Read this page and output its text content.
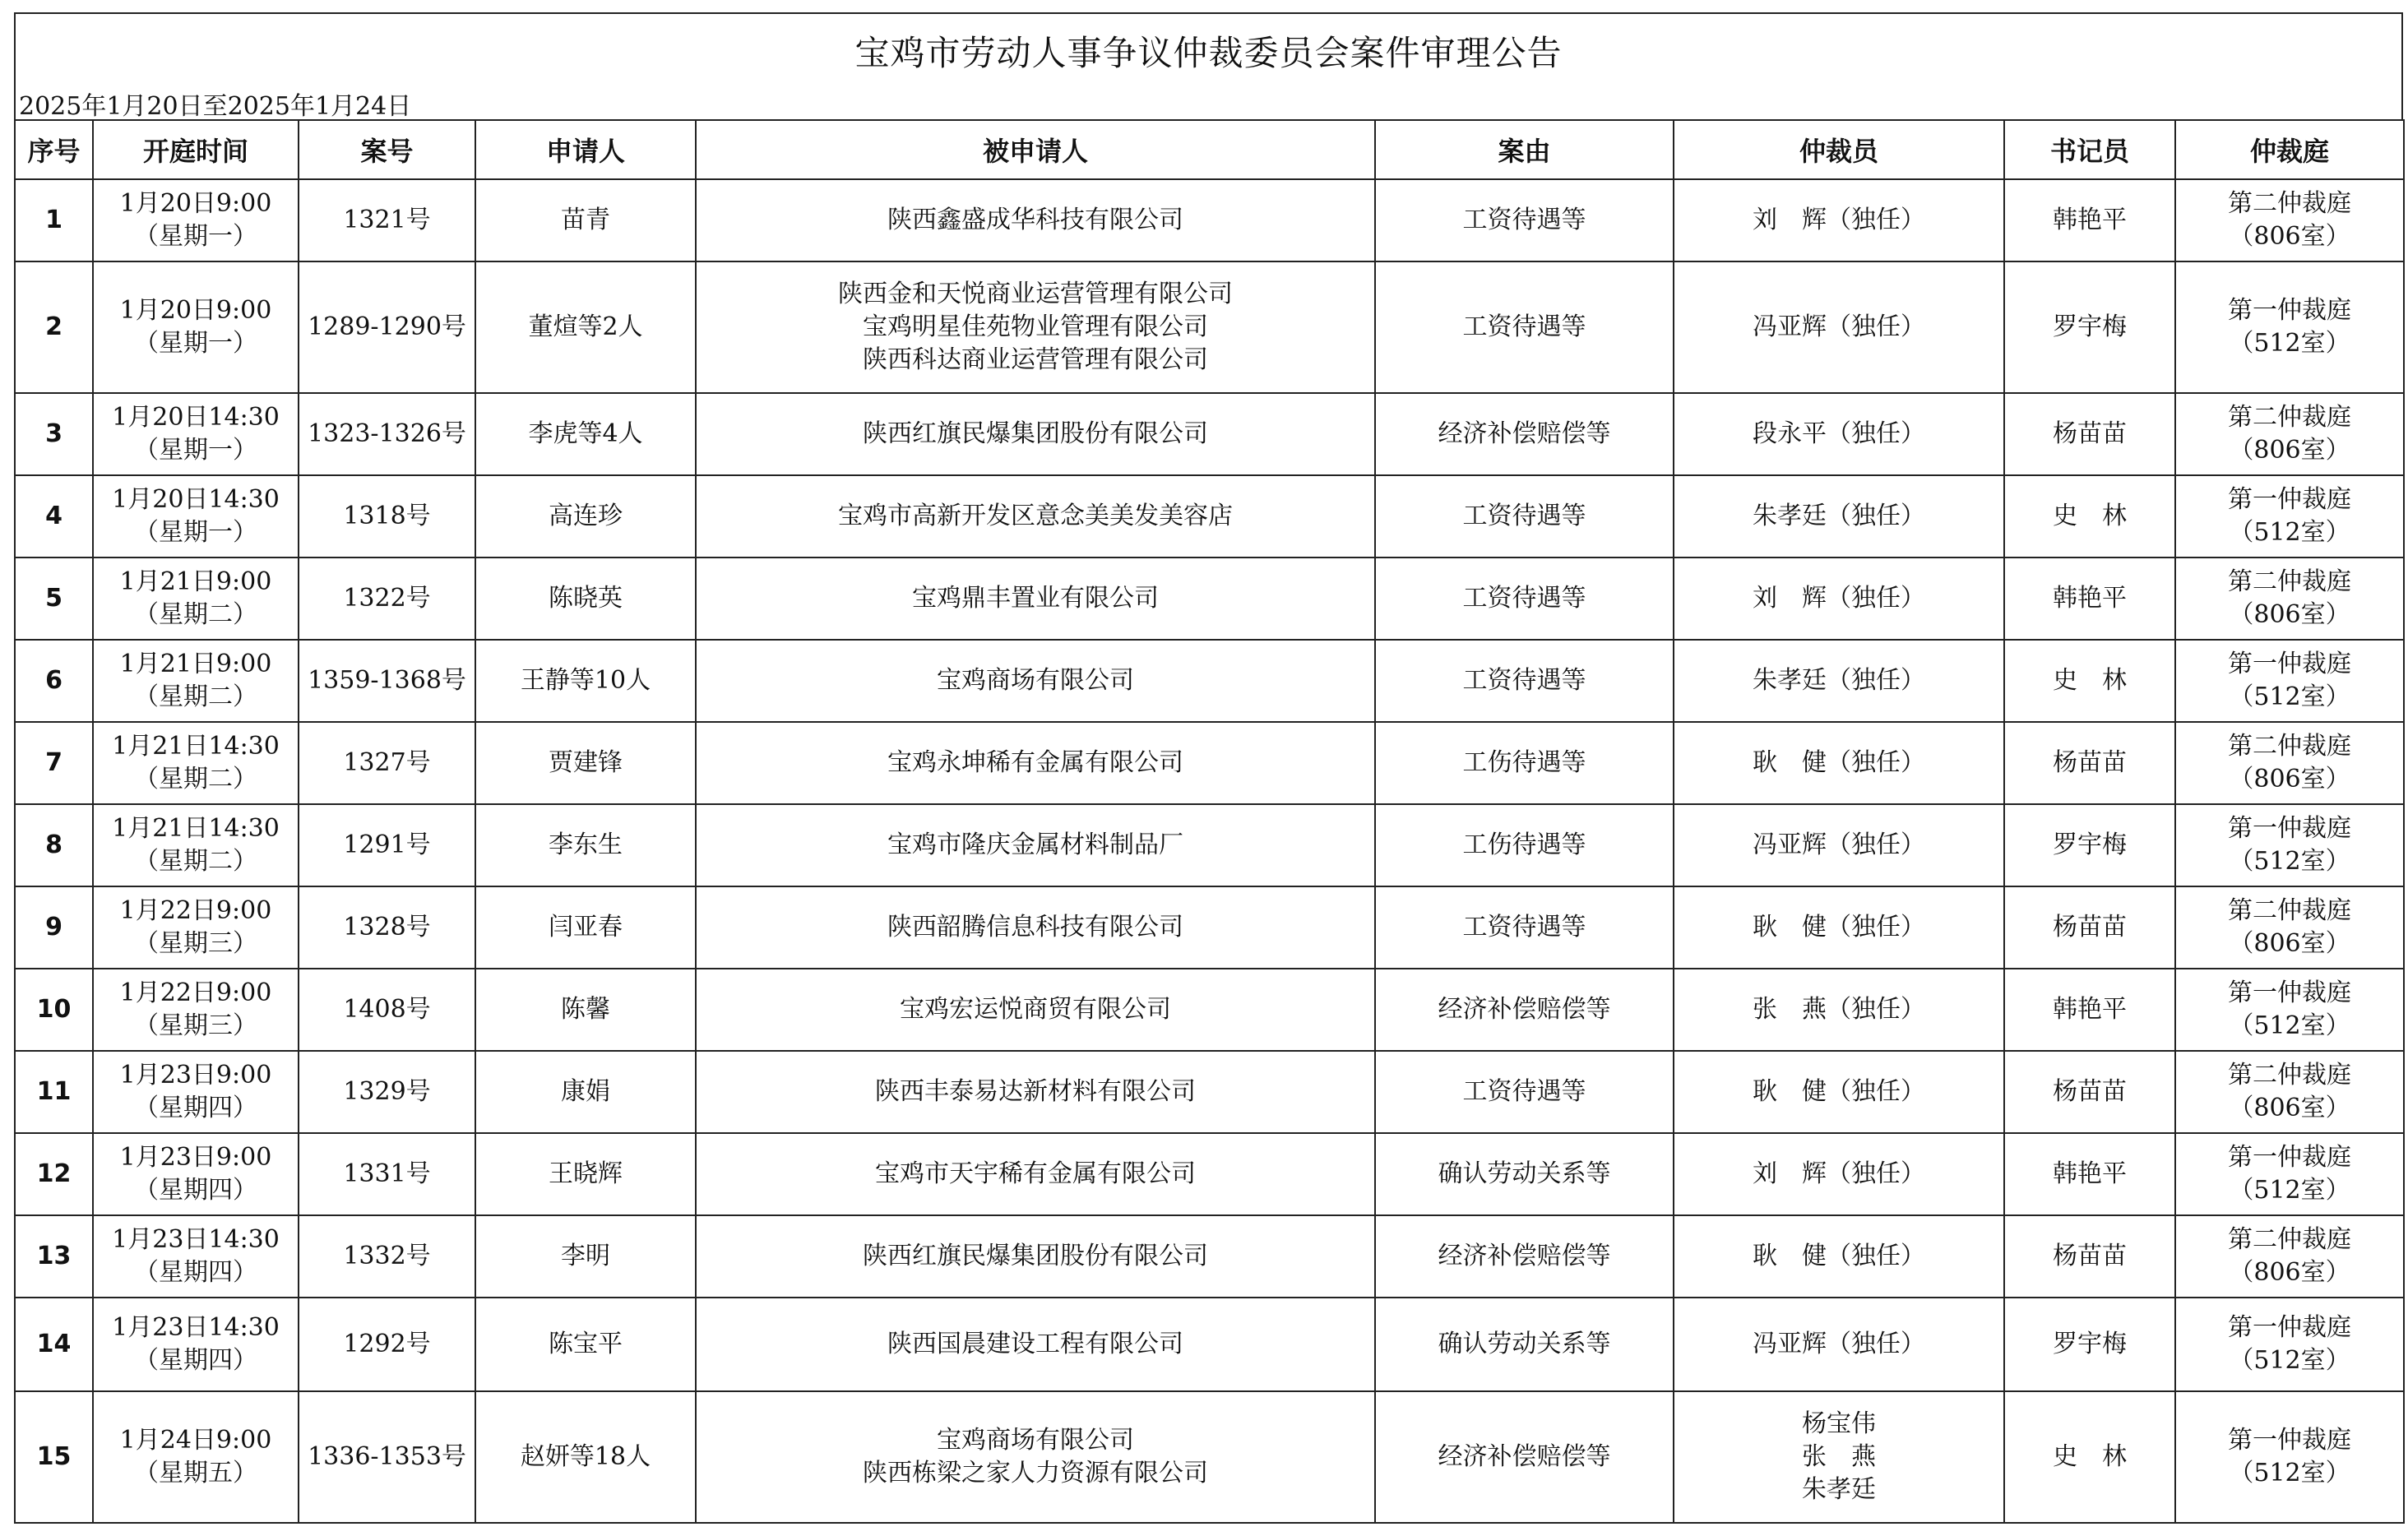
宝鸡市劳动人事争议仲裁委员会案件审理公告
2025年1月20日至2025年1月24日
序号	开庭时间	案号	申请人	被申请人	案由	仲裁员	书记员	仲裁庭
1	1月20日9:00
（星期一）	1321号	苗青	陕西鑫盛成华科技有限公司	工资待遇等	刘　辉（独任）	韩艳平	第二仲裁庭
（806室）

2	1月20日9:00
（星期一）	1289-1290号	董煊等2人	陕西金和天悦商业运营管理有限公司
宝鸡明星佳苑物业管理有限公司
陕西科达商业运营管理有限公司	工资待遇等	冯亚辉（独任）	罗宇梅	第一仲裁庭
（512室）

3	1月20日14:30
（星期一）	1323-1326号	李虎等4人	陕西红旗民爆集团股份有限公司	经济补偿赔偿等	段永平（独任）	杨苗苗	第二仲裁庭
（806室）

4	1月20日14:30
（星期一）	1318号	高连珍	宝鸡市高新开发区意念美美发美容店	工资待遇等	朱孝廷（独任）	史　林	第一仲裁庭
（512室）

5	1月21日9:00
（星期二）	1322号	陈晓英	宝鸡鼎丰置业有限公司	工资待遇等	刘　辉（独任）	韩艳平	第二仲裁庭
（806室）

6	1月21日9:00
（星期二）	1359-1368号	王静等10人	宝鸡商场有限公司	工资待遇等	朱孝廷（独任）	史　林	第一仲裁庭
（512室）

7	1月21日14:30
（星期二）	1327号	贾建锋	宝鸡永坤稀有金属有限公司	工伤待遇等	耿　健（独任）	杨苗苗	第二仲裁庭
（806室）

8	1月21日14:30
（星期二）	1291号	李东生	宝鸡市隆庆金属材料制品厂	工伤待遇等	冯亚辉（独任）	罗宇梅	第一仲裁庭
（512室）

9	1月22日9:00
（星期三）	1328号	闫亚春	陕西韶腾信息科技有限公司	工资待遇等	耿　健（独任）	杨苗苗	第二仲裁庭
（806室）

10	1月22日9:00
（星期三）	1408号	陈馨	宝鸡宏运悦商贸有限公司	经济补偿赔偿等	张　燕（独任）	韩艳平	第一仲裁庭
（512室）

11	1月23日9:00
（星期四）	1329号	康娟	陕西丰泰易达新材料有限公司	工资待遇等	耿　健（独任）	杨苗苗	第二仲裁庭
（806室）

12	1月23日9:00
（星期四）	1331号	王晓辉	宝鸡市天宇稀有金属有限公司	确认劳动关系等	刘　辉（独任）	韩艳平	第一仲裁庭
（512室）

13	1月23日14:30
（星期四）	1332号	李明	陕西红旗民爆集团股份有限公司	经济补偿赔偿等	耿　健（独任）	杨苗苗	第二仲裁庭
（806室）

14	1月23日14:30
（星期四）	1292号	陈宝平	陕西国晨建设工程有限公司	确认劳动关系等	冯亚辉（独任）	罗宇梅	第一仲裁庭
（512室）

15	1月24日9:00
（星期五）	1336-1353号	赵妍等18人	宝鸡商场有限公司
陕西栋梁之家人力资源有限公司	经济补偿赔偿等	杨宝伟
张　燕
朱孝廷	史　林	第一仲裁庭
（512室）
